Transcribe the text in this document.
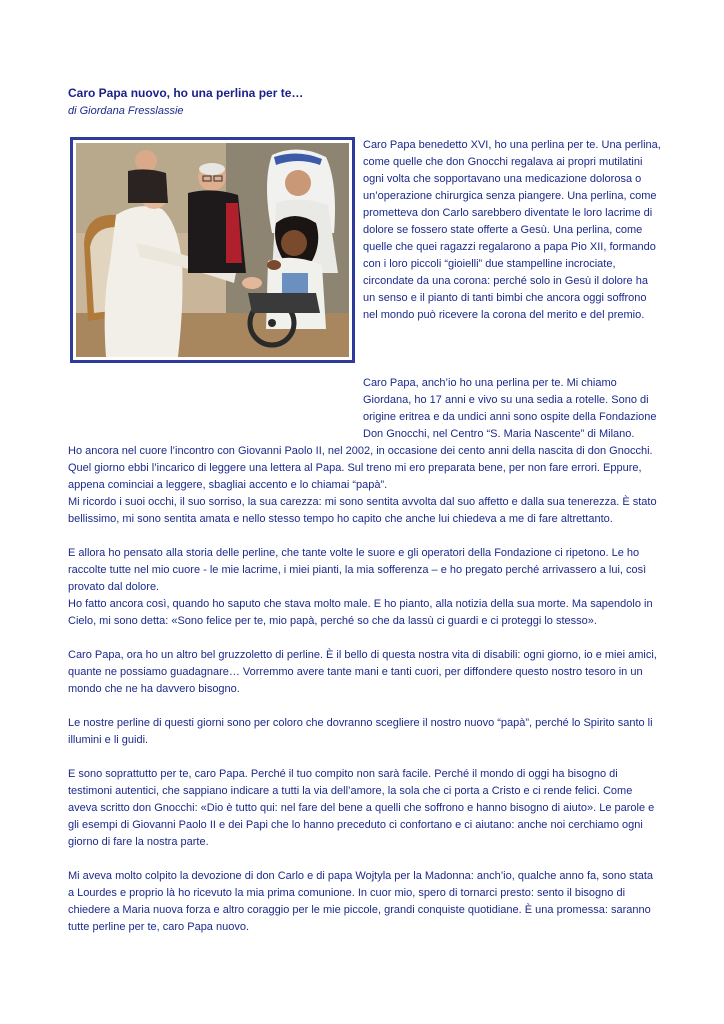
Caro Papa nuovo, ho una perlina per te…
di Giordana Fresslassie

Caro Papa benedetto XVI, ho una perlina per te. Una perlina, come quelle che don Gnocchi regalava ai propri mutilatini ogni volta che sopportavano una medicazione dolorosa o un’operazione chirurgica senza piangere. Una perlina, come prometteva don Carlo sarebbero diventate le loro lacrime di dolore se fossero state offerte a Gesù. Una perlina, come quelle che quei ragazzi regalarono a papa Pio XII, formando con i loro piccoli “gioielli” due stampelline incrociate, circondate da una corona: perché solo in Gesù il dolore ha un senso e il pianto di tanti bimbi che ancora oggi soffrono nel mondo può ricevere la corona del merito e del premio.

Caro Papa, anch’io ho una perlina per te. Mi chiamo Giordana, ho 17 anni e vivo su una sedia a rotelle. Sono di origine eritrea e da undici anni sono ospite della Fondazione Don Gnocchi, nel Centro “S. Maria Nascente” di Milano.

Ho ancora nel cuore l’incontro con Giovanni Paolo II, nel 2002, in occasione dei cento anni della nascita di don Gnocchi. Quel giorno ebbi l’incarico di leggere una lettera al Papa. Sul treno mi ero preparata bene, per non fare errori. Eppure, appena cominciai a leggere, sbagliai accento e lo chiamai “papà”.

Mi ricordo i suoi occhi, il suo sorriso, la sua carezza: mi sono sentita avvolta dal suo affetto e dalla sua tenerezza. È stato bellissimo, mi sono sentita amata e nello stesso tempo ho capito che anche lui chiedeva a me di fare altrettanto.

E allora ho pensato alla storia delle perline, che tante volte le suore e gli operatori della Fondazione ci ripetono. Le ho raccolte tutte nel mio cuore - le mie lacrime, i miei pianti, la mia sofferenza – e ho pregato perché arrivassero a lui, così provato dal dolore.

Ho fatto ancora così, quando ho saputo che stava molto male. E ho pianto, alla notizia della sua morte. Ma sapendolo in Cielo, mi sono detta: «Sono felice per te, mio papà, perché so che da lassù ci guardi e ci proteggi lo stesso».

Caro Papa, ora ho un altro bel gruzzoletto di perline. È il bello di questa nostra vita di disabili: ogni giorno, io e miei amici, quante ne possiamo guadagnare… Vorremmo avere tante mani e tanti cuori, per diffondere questo nostro tesoro in un mondo che ne ha davvero bisogno.

Le nostre perline di questi giorni sono per coloro che dovranno scegliere il nostro nuovo “papà”, perché lo Spirito santo li illumini e li guidi.

E sono soprattutto per te, caro Papa. Perché il tuo compito non sarà facile. Perché il mondo di oggi ha bisogno di testimoni autentici, che sappiano indicare a tutti la via dell’amore, la sola che ci porta a Cristo e ci rende felici. Come aveva scritto don Gnocchi: «Dio è tutto qui: nel fare del bene a quelli che soffrono e hanno bisogno di aiuto». Le parole e gli esempi di Giovanni Paolo II e dei Papi che lo hanno preceduto ci confortano e ci aiutano: anche noi cerchiamo ogni giorno di fare la nostra parte.

Mi aveva molto colpito la devozione di don Carlo e di papa Wojtyla per la Madonna: anch’io, qualche anno fa, sono stata a Lourdes e proprio là ho ricevuto la mia prima comunione. In cuor mio, spero di tornarci presto: sento il bisogno di chiedere a Maria nuova forza e altro coraggio per le mie piccole, grandi conquiste quotidiane. È una promessa: saranno tutte perline per te, caro Papa nuovo.
